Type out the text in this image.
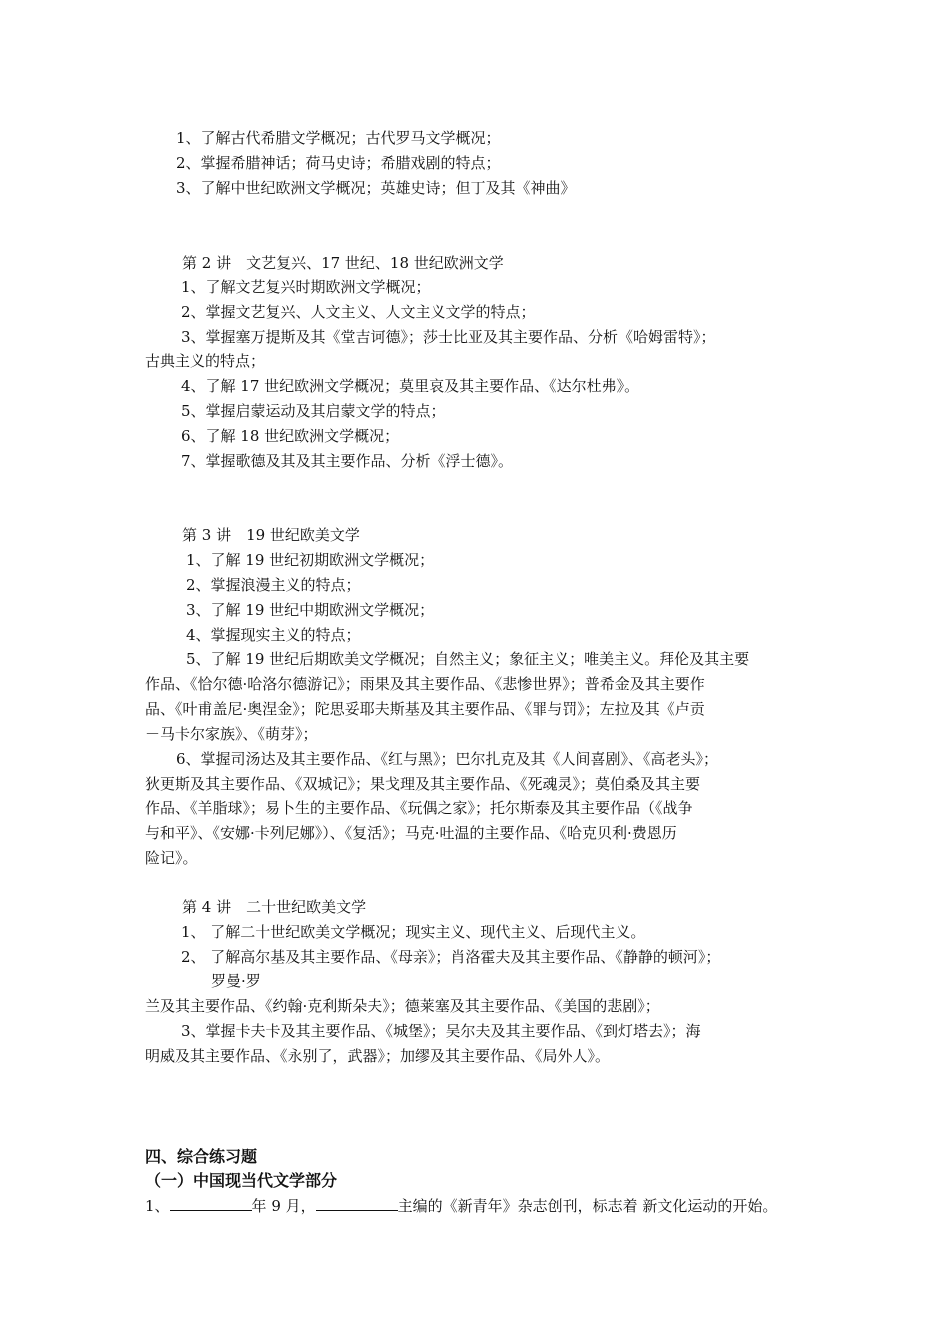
1、了解古代希腊文学概况；古代罗马文学概况；
2、掌握希腊神话；荷马史诗；希腊戏剧的特点；
3、了解中世纪欧洲文学概况；英雄史诗；但丁及其《神曲》
第 2 讲　文艺复兴、17 世纪、18 世纪欧洲文学
1、了解文艺复兴时期欧洲文学概况；
2、掌握文艺复兴、人文主义、人文主义文学的特点；
3、掌握塞万提斯及其《堂吉诃德》；莎士比亚及其主要作品、分析《哈姆雷特》；
古典主义的特点；
4、了解 17 世纪欧洲文学概况；莫里哀及其主要作品、《达尔杜弗》。
5、掌握启蒙运动及其启蒙文学的特点；
6、了解 18 世纪欧洲文学概况；
7、掌握歌德及其及其主要作品、分析《浮士德》。
第 3 讲　19 世纪欧美文学
1、了解 19 世纪初期欧洲文学概况；
2、掌握浪漫主义的特点；
3、了解 19 世纪中期欧洲文学概况；
4、掌握现实主义的特点；
5、了解 19 世纪后期欧美文学概况；自然主义；象征主义；唯美主义。拜伦及其主要
作品、《恰尔德·哈洛尔德游记》；雨果及其主要作品、《悲惨世界》；普希金及其主要作
品、《叶甫盖尼·奥涅金》；陀思妥耶夫斯基及其主要作品、《罪与罚》；左拉及其《卢贡
－马卡尔家族》、《萌芽》；
6、掌握司汤达及其主要作品、《红与黑》；巴尔扎克及其《人间喜剧》、《高老头》；
狄更斯及其主要作品、《双城记》；果戈理及其主要作品、《死魂灵》；莫伯桑及其主要
作品、《羊脂球》；易卜生的主要作品、《玩偶之家》；托尔斯泰及其主要作品（《战争
与和平》、《安娜·卡列尼娜》）、《复活》；马克·吐温的主要作品、《哈克贝利·费恩历
险记》。
第 4 讲　二十世纪欧美文学
1、 了解二十世纪欧美文学概况；现实主义、现代主义、后现代主义。
2、 了解高尔基及其主要作品、《母亲》；肖洛霍夫及其主要作品、《静静的顿河》；
罗曼·罗
兰及其主要作品、《约翰·克利斯朵夫》；德莱塞及其主要作品、《美国的悲剧》；
3、掌握卡夫卡及其主要作品、《城堡》；吴尔夫及其主要作品、《到灯塔去》；海
明威及其主要作品、《永别了，武器》；加缪及其主要作品、《局外人》。
四、综合练习题
（一）中国现当代文学部分
1、	年 9 月，	主编的《新青年》杂志创刊，标志着 新文化运动的开始。
